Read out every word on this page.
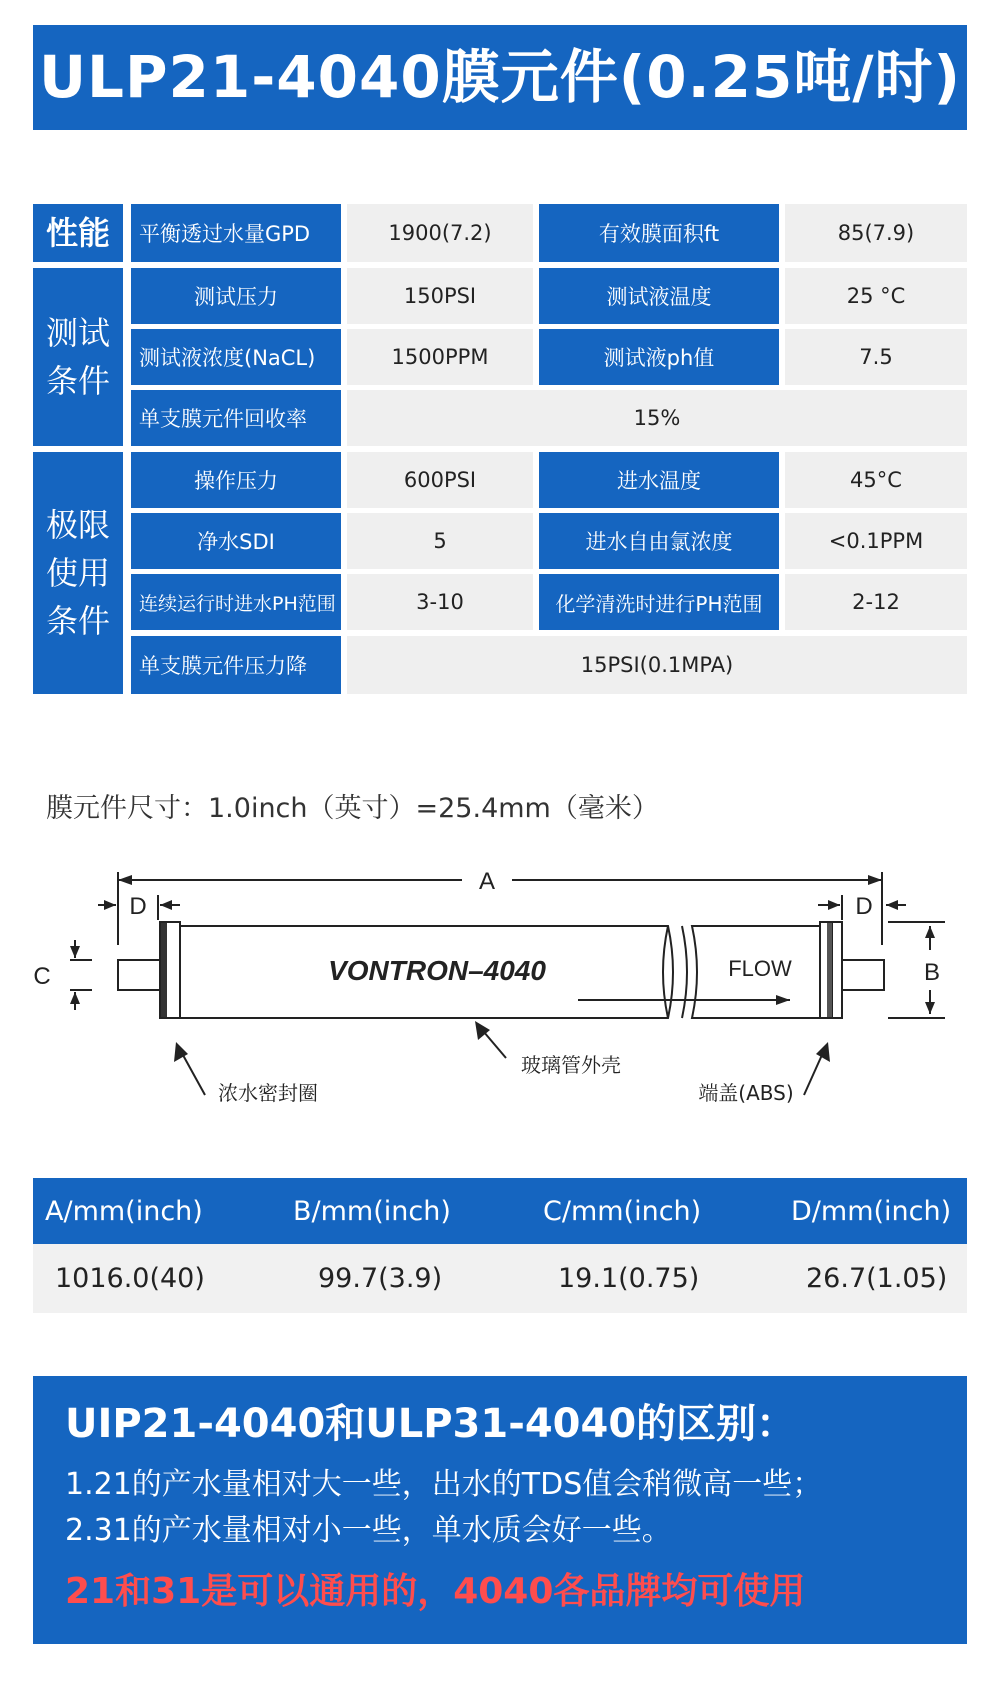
ULP21-4040膜元件(0.25吨/时)
性能
测试
条件
极限
使用
条件
平衡透过水量GPD	1900(7.2)	有效膜面积ft	85(7.9)
测试压力	150PSI	测试液温度	25 °C
测试液浓度(NaCL)	1500PPM	测试液ph值	7.5
单支膜元件回收率	15%
操作压力	600PSI	进水温度	45°C
净水SDI	5	进水自由氯浓度	<0.1PPM
连续运行时进水PH范围	3-10	化学清洗时进行PH范围	2-12
单支膜元件压力降	15PSI(0.1MPA)
膜元件尺寸：1.0inch（英寸）=25.4mm（毫米）
A
D	D
C	B
VONTRON–4040	FLOW
浓水密封圈
玻璃管外壳
端盖(ABS)
A/mm(inch)	B/mm(inch)	C/mm(inch)	D/mm(inch)
1016.0(40)	99.7(3.9)	19.1(0.75)	26.7(1.05)
UIP21-4040和ULP31-4040的区别：
1.21的产水量相对大一些，出水的TDS值会稍微高一些；
2.31的产水量相对小一些，单水质会好一些。
21和31是可以通用的，4040各品牌均可使用
